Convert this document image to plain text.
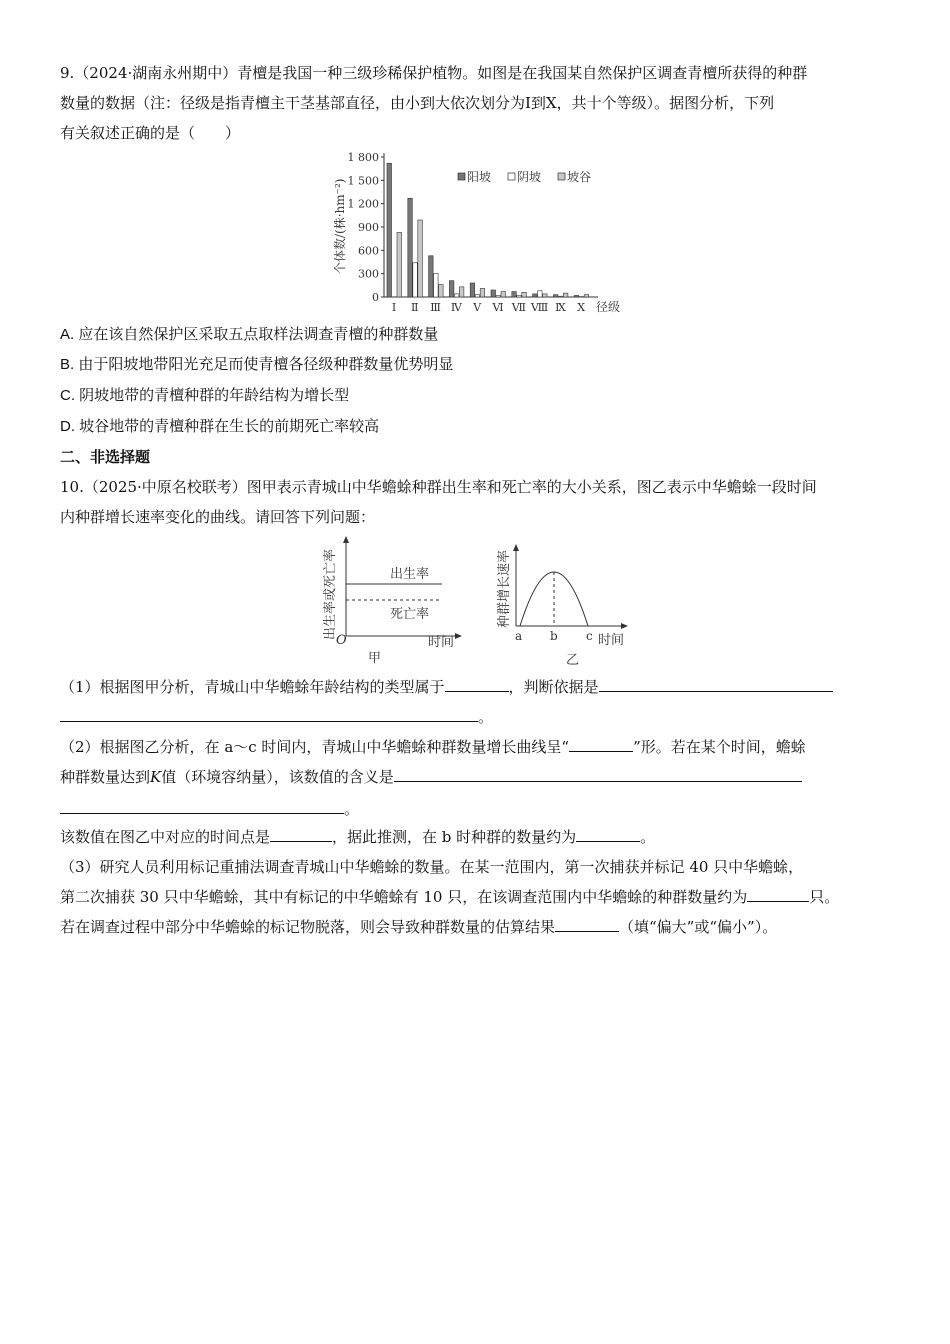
9.（2024·湖南永州期中）青檀是我国一种三级珍稀保护植物。如图是在我国某自然保护区调查青檀所获得的种群
数量的数据（注：径级是指青檀主干茎基部直径，由小到大依次划分为Ⅰ到Ⅹ，共十个等级）。据图分析，下列
有关叙述正确的是（　　）
0
300
600
900
1 200
1 500
1 800
个体数/(株·hm⁻²)
Ⅰ Ⅱ Ⅲ Ⅳ Ⅴ Ⅵ Ⅶ Ⅷ Ⅸ Ⅹ 径级
阳坡 阴坡 坡谷
A. 应在该自然保护区采取五点取样法调查青檀的种群数量
B. 由于阳坡地带阳光充足而使青檀各径级种群数量优势明显
C. 阴坡地带的青檀种群的年龄结构为增长型
D. 坡谷地带的青檀种群在生长的前期死亡率较高
二、非选择题
10.（2025·中原名校联考）图甲表示青城山中华蟾蜍种群出生率和死亡率的大小关系，图乙表示中华蟾蜍一段时间
内种群增长速率变化的曲线。请回答下列问题：
出生率
死亡率
O	时间
出生率或死亡率
甲
a b c 时间
种群增长速率
乙
（1）根据图甲分析，青城山中华蟾蜍年龄结构的类型属于	，判断依据是
。
（2）根据图乙分析，在 a～c 时间内，青城山中华蟾蜍种群数量增长曲线呈“	”形。若在某个时间，蟾蜍
种群数量达到K值（环境容纳量），该数值的含义是
。
该数值在图乙中对应的时间点是	，据此推测，在 b 时种群的数量约为	。
（3）研究人员利用标记重捕法调查青城山中华蟾蜍的数量。在某一范围内，第一次捕获并标记 40 只中华蟾蜍，
第二次捕获 30 只中华蟾蜍，其中有标记的中华蟾蜍有 10 只，在该调查范围内中华蟾蜍的种群数量约为	只。
若在调查过程中部分中华蟾蜍的标记物脱落，则会导致种群数量的估算结果	（填“偏大”或“偏小”）。
